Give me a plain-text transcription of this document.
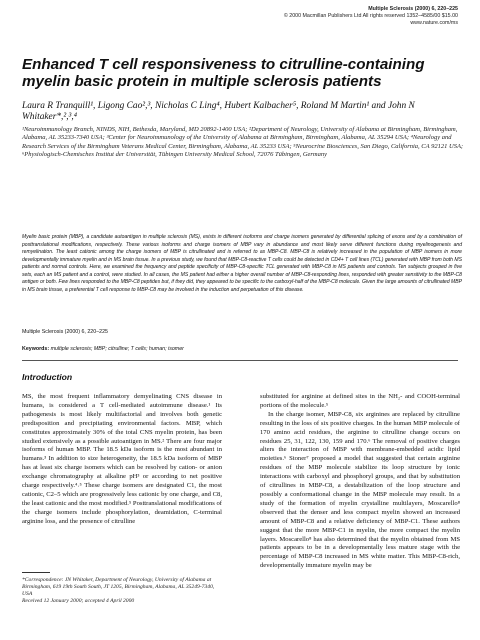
Multiple Sclerosis (2000) 6, 220–225
© 2000 Macmillan Publishers Ltd All rights reserved 1352–4585/00 $15.00
www.nature.com/ms
Enhanced T cell responsiveness to citrulline-containing myelin basic protein in multiple sclerosis patients
Laura R Tranquill¹, Ligong Cao²,³, Nicholas C Ling⁴, Hubert Kalbacher⁵, Roland M Martin¹ and John N Whitaker*,²,³,⁴
¹Neuroimmunology Branch, NINDS, NIH, Bethesda, Maryland, MD 20892-1400 USA; ²Department of Neurology, University of Alabama at Birmingham, Birmingham, Alabama, AL 35233-7340 USA; ³Center for Neuroimmunology of the University of Alabama at Birmingham, Birmingham, Alabama, AL 35294 USA; ⁴Neurology and Research Services of the Birmingham Veterans Medical Center, Birmingham, Alabama, AL 35233 USA; ⁵Neurocrine Biosciences, San Diego, California, CA 92121 USA; ⁶Physiologisch-Chemisches Institut der Universität, Tübingen University Medical School, 72076 Tübingen, Germany
Myelin basic protein (MBP), a candidate autoantigen in multiple sclerosis (MS), exists in different isoforms and charge isomers generated by differential splicing of exons and by a combination of posttranslational modifications, respectively. These various isoforms and charge isomers of MBP vary in abundance and most likely serve different functions during myelinogenesis and remyelination. The least cationic among the charge isomers of MBP is citrullinated and is referred to as MBP-C8. MBP-C8 is relatively increased in the population of MBP isomers in more developmentally immature myelin and in MS brain tissue. In a previous study, we found that MBP-C8-reactive T cells could be detected in CD4+ T cell lines (TCL) generated with MBP from both MS patients and normal controls. Here, we examined the frequency and peptide specificity of MBP-C8-specific TCL generated with MBP-C8 in MS patients and controls. Ten subjects grouped in five sets, each an MS patient and a control, were studied. In all cases, the MS patient had either a higher overall number of MBP-C8-responding lines, responded with greater sensitivity to the MBP-C8 antigen or both. Few lines responded to the MBP-C8 peptides but, if they did, they appeared to be specific to the carboxyl-half of the MBP-C8 molecule. Given the large amounts of citrullinated MBP in MS brain tissue, a preferential T cell response to MBP-C8 may be involved in the induction and perpetuation of this disease.
Multiple Sclerosis (2000) 6, 220–225
Keywords: multiple sclerosis; MBP; citrulline; T cells; human; isomer
Introduction

MS, the most frequent inflammatory demyelinating CNS disease in humans, is considered a T cell-mediated autoimmune disease.¹ Its pathogenesis is most likely multifactorial and involves both genetic predisposition and precipitating environmental factors. MBP, which constitutes approximately 30% of the total CNS myelin protein, has been studied extensively as a possible autoantigen in MS.² There are four major isoforms of human MBP. The 18.5 kDa isoform is the most abundant in humans.³ In addition to size heterogeneity, the 18.5 kDa isoform of MBP has at least six charge isomers which can be resolved by cation- or anion exchange chromatography at alkaline pH³ or according to net positive charge respectively.⁴˒⁵ These charge isomers are designated C1, the most cationic, C2–5 which are progressively less cationic by one charge, and C8, the least cationic and the most modified.⁵ Posttranslational modifications of the charge isomers include phosphorylation, deamidation, C-terminal arginine loss, and the presence of citrulline

substituted for arginine at defined sites in the NH₂- and COOH-terminal portions of the molecule.⁵

In the charge isomer, MBP-C8, six arginines are replaced by citrulline resulting in the loss of six positive charges. In the human MBP molecule of 170 amino acid residues, the arginine to citrulline change occurs on residues 25, 31, 122, 130, 159 and 170.⁶ The removal of positive charges alters the interaction of MBP with membrane-embedded acidic lipid moieties.⁶ Stoner⁷ proposed a model that suggested that certain arginine residues of the MBP molecule stabilize its loop structure by ionic interactions with carboxyl and phosphoryl groups, and that by substitution of citrullines in MBP-C8, a destabilization of the loop structure and possibly a conformational change in the MBP molecule may result. In a study of the formation of myelin crystalline multilayers, Moscarello⁸ observed that the denser and less compact myelin showed an increased amount of MBP-C8 and a relative deficiency of MBP-C1. These authors suggest that the more MBP-C1 in myelin, the more compact the myelin layers. Moscarello⁸ has also determined that the myelin obtained from MS patients appears to be in a developmentally less mature stage with the percentage of MBP-C8 increased in MS white matter. This MBP-C8-rich, developmentally immature myelin may be

*Correspondence: JN Whitaker, Department of Neurology, University of Alabama at Birmingham, 619 19th South South, JT 1205, Birmingham, Alabama, AL 35249-7340, USA
Received 12 January 2000; accepted 4 April 2000
